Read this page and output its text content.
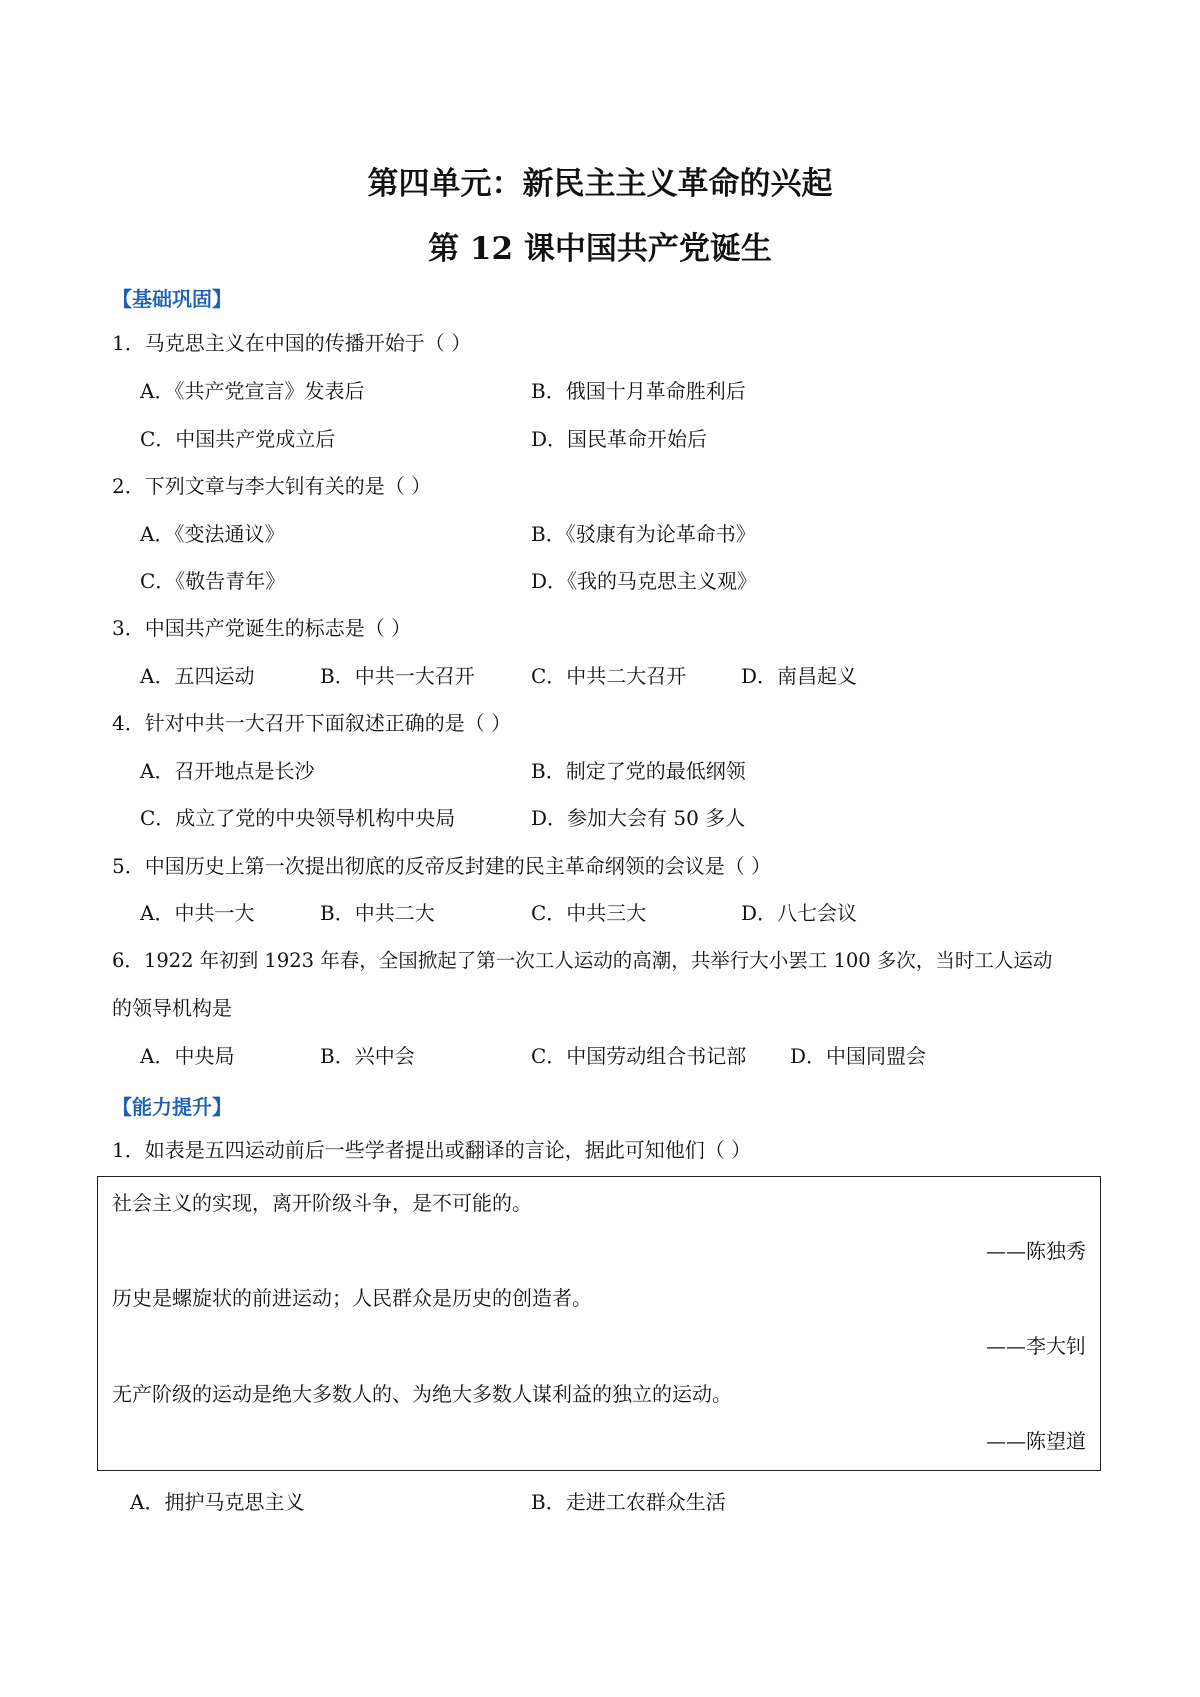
第四单元：新民主主义革命的兴起
第 12 课中国共产党诞生
【基础巩固】
1．马克思主义在中国的传播开始于（ ）
A．《共产党宣言》发表后	B．俄国十月革命胜利后
C．中国共产党成立后	D．国民革命开始后
2．下列文章与李大钊有关的是（ ）
A．《变法通议》	B．《驳康有为论革命书》
C．《敬告青年》	D．《我的马克思主义观》
3．中国共产党诞生的标志是（ ）
A．五四运动	B．中共一大召开	C．中共二大召开	D．南昌起义
4．针对中共一大召开下面叙述正确的是（ ）
A．召开地点是长沙	B．制定了党的最低纲领
C．成立了党的中央领导机构中央局	D．参加大会有 50 多人
5．中国历史上第一次提出彻底的反帝反封建的民主革命纲领的会议是（ ）
A．中共一大	B．中共二大	C．中共三大	D．八七会议
6．1922 年初到 1923 年春，全国掀起了第一次工人运动的高潮，共举行大小罢工 100 多次，当时工人运动
的领导机构是
A．中央局	B．兴中会	C．中国劳动组合书记部 D．中国同盟会
【能力提升】
1．如表是五四运动前后一些学者提出或翻译的言论，据此可知他们（ ）
社会主义的实现，离开阶级斗争，是不可能的。
——陈独秀
历史是螺旋状的前进运动；人民群众是历史的创造者。
——李大钊
无产阶级的运动是绝大多数人的、为绝大多数人谋利益的独立的运动。
——陈望道
A．拥护马克思主义	B．走进工农群众生活
